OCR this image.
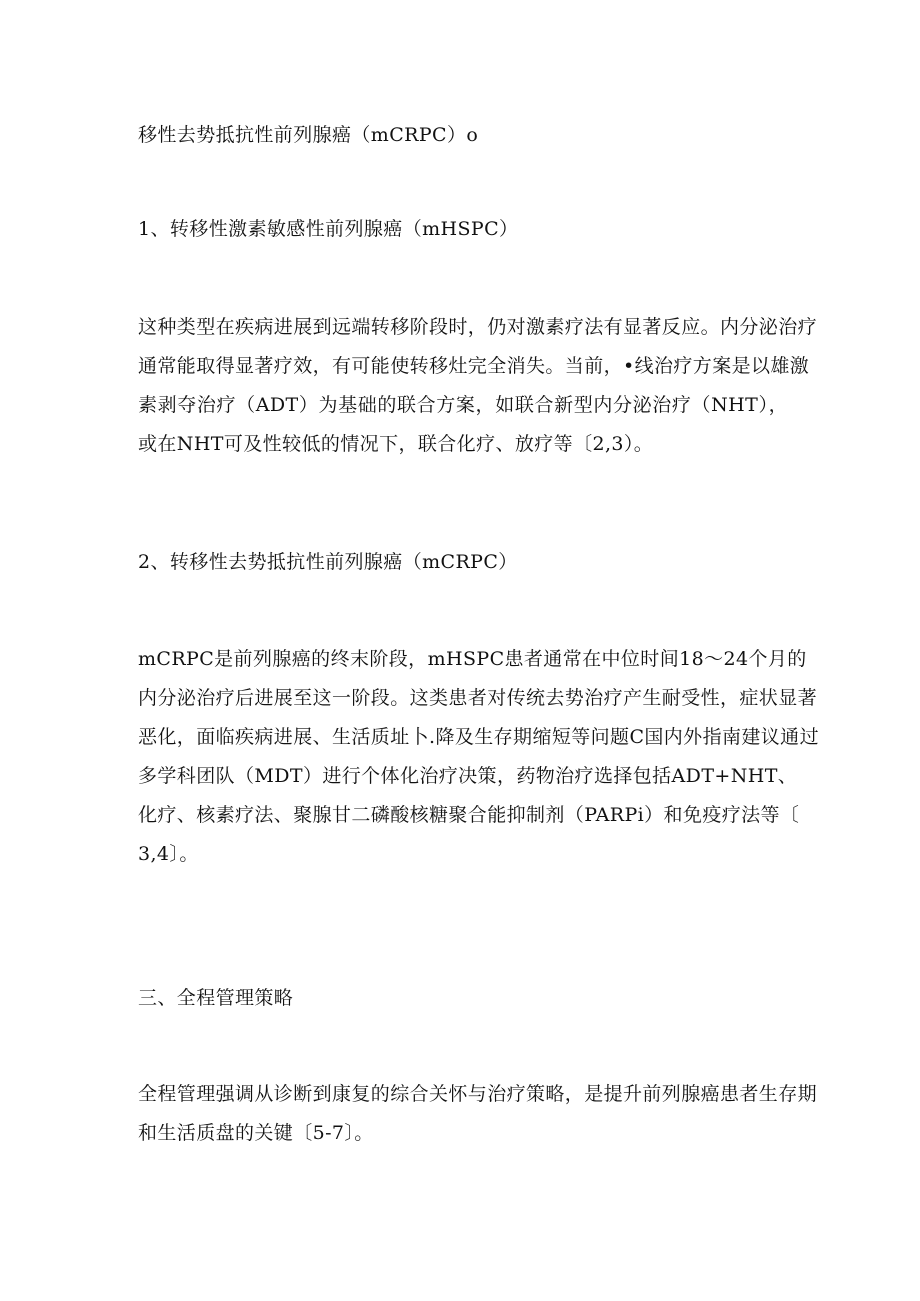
移性去势抵抗性前列腺癌（mCRPC）o

1、转移性激素敏感性前列腺癌（mHSPC）

这种类型在疾病进展到远端转移阶段时，仍对激素疗法有显著反应。内分泌治疗
通常能取得显著疗效，有可能使转移灶完全消失。当前，•线治疗方案是以雄激
素剥夺治疗（ADT）为基础的联合方案，如联合新型内分泌治疗（NHT），
或在NHT可及性较低的情况下，联合化疗、放疗等〔2,3）。

2、转移性去势抵抗性前列腺癌（mCRPC）

mCRPC是前列腺癌的终末阶段，mHSPC患者通常在中位时间18〜24个月的
内分泌治疗后进展至这一阶段。这类患者对传统去势治疗产生耐受性，症状显著
恶化，面临疾病进展、生活质址卜.降及生存期缩短等问题C国内外指南建议通过
多学科团队（MDT）进行个体化治疗决策，药物治疗选择包括ADT+NHT、
化疗、核素疗法、聚腺甘二磷酸核糖聚合能抑制剂（PARPi）和免疫疗法等〔
3,4〕。

三、全程管理策略

全程管理强调从诊断到康复的综合关怀与治疗策略，是提升前列腺癌患者生存期
和生活质盘的关键〔5-7〕。
